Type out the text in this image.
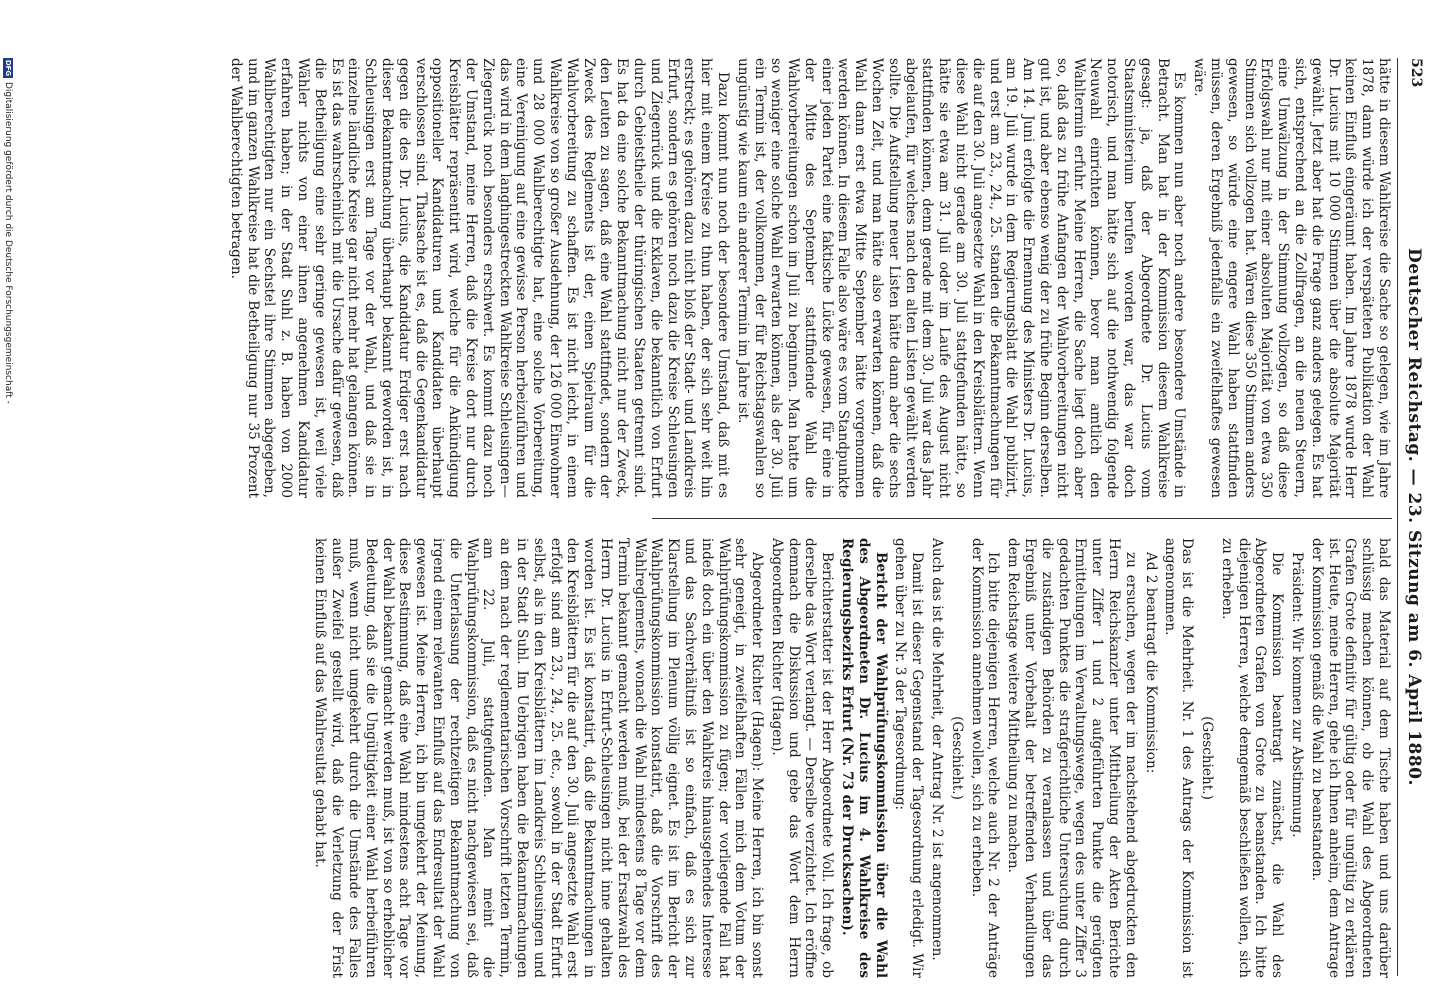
523
Deutscher Reichstag. — 23. Sitzung am 6. April 1880.

hätte in diesem Wahlkreise die Sache so gelegen, wie im Jahre 1878, dann würde ich der verspäteten Publikation der Wahl keinen Einfluß eingeräumt haben. Im Jahre 1878 wurde Herr Dr. Lucius mit 10 000 Stimmen über die absolute Majorität gewählt. Jetzt aber hat die Frage ganz anders gelegen. Es hat sich, entsprechend an die Zollfragen, an die neuen Steuern, eine Umwälzung in der Stimmung vollzogen, so daß diese Erfolgswahl nur mit einer absoluten Majorität von etwa 350 Stimmen sich vollzogen hat. Wären diese 350 Stimmen anders gewesen, so würde eine engere Wahl haben stattfinden müssen, deren Ergebniß jedenfalls ein zweifelhaftes gewesen wäre.

Es kommen nun aber noch andere besondere Umstände in Betracht. Man hat in der Kommission diesem Wahlkreise gesagt: ja, daß der Abgeordnete Dr. Lucius vom Staatsministerium berufen worden war, das war doch notorisch, und man hätte sich auf die nothwendig folgende Neuwahl einrichten können, bevor man amtlich den Wahltermin erfuhr. Meine Herren, die Sache liegt doch aber so, daß das zu frühe Anfangen der Wahlvorbereitungen nicht gut ist, und aber ebenso wenig der zu frühe Beginn derselben. Am 14. Juni erfolgte die Ernennung des Ministers Dr. Lucius, am 19. Juli wurde in dem Regierungsblatt die Wahl publizirt, und erst am 23., 24., 25. standen die Bekanntmachungen für die auf den 30. Juli angesetzte Wahl in den Kreisblättern. Wenn diese Wahl nicht gerade am 30. Juli stattgefunden hätte, so hätte sie etwa am 31. Juli oder im Laufe des August nicht stattfinden können, denn gerade mit dem 30. Juli war das Jahr abgelaufen, für welches nach den alten Listen gewählt werden sollte. Die Aufstellung neuer Listen hätte dann aber die sechs Wochen Zeit, und man hätte also erwarten können, daß die Wahl dann erst etwa Mitte September hätte vorgenommen werden können. In diesem Falle also wäre es vom Standpunkte einer jeden Partei eine faktische Lücke gewesen, für eine in der Mitte des September stattfindende Wahl die Wahlvorbereitungen schon im Juli zu beginnen. Man hatte um so weniger eine solche Wahl erwarten können, als der 30. Juli ein Termin ist, der vollkommen, der für Reichstagswahlen so ungünstig wie kaum ein anderer Termin im Jahre ist.

Dazu kommt nun noch der besondere Umstand, daß mit es hier mit einem Kreise zu thun haben, der sich sehr weit hin erstreckt; es gehören dazu nicht bloß der Stadt- und Landkreis Erfurt, sondern es gehören noch dazu die Kreise Schleusingen und Ziegenrück und die Exklaven, die bekanntlich von Erfurt durch Gebietstheile der thüringischen Staaten getrennt sind. Es hat da eine solche Bekanntmachung nicht nur der Zweck, den Leuten zu sagen, daß eine Wahl stattfindet, sondern der Zweck des Reglements ist der, einen Spielraum für die Wahlvorbereitung zu schaffen. Es ist nicht leicht, in einem Wahlkreise von so großer Ausdehnung, der 126 000 Einwohner und 28 000 Wahlberechtigte hat, eine solche Vorbereitung, eine Vereinigung auf eine gewisse Person herbeizuführen und das wird in dem langhingestreckten Wahlkreise Schleusingen—Ziegenrück noch besonders erschwert. Es kommt dazu noch der Umstand, meine Herren, daß die Kreise dort nur durch Kreisblätter repräsentirt wird, welche für die Ankündigung oppositioneller Kandidaturen und Kandidaten überhaupt verschlossen sind. Thatsache ist es, daß die Gegenkandidatur gegen die des Dr. Lucius, die Kandidatur Erdiger erst nach dieser Bekanntmachung überhaupt bekannt geworden ist, in Schleusingen erst am Tage vor der Wahl, und daß sie in einzelne ländliche Kreise gar nicht mehr hat gelangen können. Es ist das wahrscheinlich mit die Ursache dafür gewesen, daß die Betheiligung eine sehr geringe gewesen ist, weil viele Wähler nichts von einer ihnen angenehmen Kandidatur erfahren haben; in der Stadt Suhl z. B. haben von 2000 Wahlberechtigten nur ein Sechstel ihre Stimmen abgegeben, und im ganzen Wahlkreise hat die Betheiligung nur 35 Prozent der Wahlberechtigten betragen.

bald das Material auf dem Tische haben und uns darüber schlüssig machen können, ob die Wahl des Abgeordneten Grafen Grote definitiv für gültig oder für ungültig zu erklären ist. Heute, meine Herren, gehe ich Ihnen anheim, dem Antrage der Kommission gemäß die Wahl zu beanstanden.

Präsident: Wir kommen zur Abstimmung.

Die Kommission beantragt zunächst, die Wahl des Abgeordneten Grafen von Grote zu beanstanden. Ich bitte diejenigen Herren, welche demgemäß beschließen wollen, sich zu erheben.

(Geschieht.)

Das ist die Mehrheit. Nr. 1 des Antrags der Kommission ist angenommen.

Ad 2 beantragt die Kommission:

zu ersuchen, wegen der im nachstehend abgedruckten den Herrn Reichskanzler unter Mittheilung der Akten Berichte unter Ziffer 1 und 2 aufgeführten Punkte die gerügten Ermittelungen im Verwaltungswege, wegen des unter Ziffer 3 gedachten Punktes die strafgerichtliche Untersuchung durch die zuständigen Behörden zu veranlassen und über das Ergebniß unter Vorbehalt der betreffenden Verhandlungen dem Reichstage weitere Mittheilung zu machen.

Ich bitte diejenigen Herren, welche auch Nr. 2 der Anträge der Kommission annehmen wollen, sich zu erheben.

(Geschieht.)

Auch das ist die Mehrheit, der Antrag Nr. 2 ist angenommen.

Damit ist dieser Gegenstand der Tagesordnung erledigt. Wir gehen über zu Nr. 3 der Tagesordnung:

Bericht der Wahlprüfungskommission über die Wahl des Abgeordneten Dr. Lucius im 4. Wahlkreise des Regierungsbezirks Erfurt (Nr. 73 der Drucksachen).

Berichterstatter ist der Herr Abgeordnete Voll. Ich frage, ob derselbe das Wort verlangt. — Derselbe verzichtet. Ich eröffne demnach die Diskussion und gebe das Wort dem Herrn Abgeordneten Richter (Hagen).

Abgeordneter Richter (Hagen): Meine Herren, ich bin sonst sehr geneigt, in zweifelhaften Fällen mich dem Votum der Wahlprüfungskommission zu fügen; der vorliegende Fall hat indeß doch ein über den Wahlkreis hinausgehendes Interesse und das Sachverhältniß ist so einfach, daß es sich zur Klarstellung im Plenum völlig eignet. Es ist im Bericht der Wahlprüfungskommission konstatirt, daß die Vorschrift des Wahlreglements, wonach die Wahl mindestens 8 Tage vor dem Termin bekannt gemacht werden muß, bei der Ersatzwahl des Herrn Dr. Lucius in Erfurt-Schleusingen nicht inne gehalten worden ist. Es ist konstatirt, daß die Bekanntmachungen in den Kreisblättern für die auf den 30. Juli angesetzte Wahl erst erfolgt sind am 23., 24., 25. etc., sowohl in der Stadt Erfurt selbst, als in den Kreisblättern im Landkreis Schleusingen und in der Stadt Suhl. Im Uebrigen haben die Bekanntmachungen an dem nach der reglementarischen Vorschrift letzten Termin, am 22. Juli, stattgefunden. Man meint die Wahlprüfungskommission, daß es nicht nachgewiesen sei, daß die Unterlassung der rechtzeitigen Bekanntmachung von irgend einem relevanten Einfluß auf das Endresultat der Wahl gewesen ist. Meine Herren, ich bin umgekehrt der Meinung, diese Bestimmung, daß eine Wahl mindestens acht Tage vor der Wahl bekannt gemacht werden muß, ist von so erheblicher Bedeutung, daß sie die Ungültigkeit einer Wahl herbeiführen muß, wenn nicht umgekehrt durch die Umstände des Falles außer Zweifel gestellt wird, daß die Verletzung der Frist keinen Einfluß auf das Wahlresultat gehabt hat.

DFGDigitalisierung gefördert durch die Deutsche Forschungsgemeinschaft -
